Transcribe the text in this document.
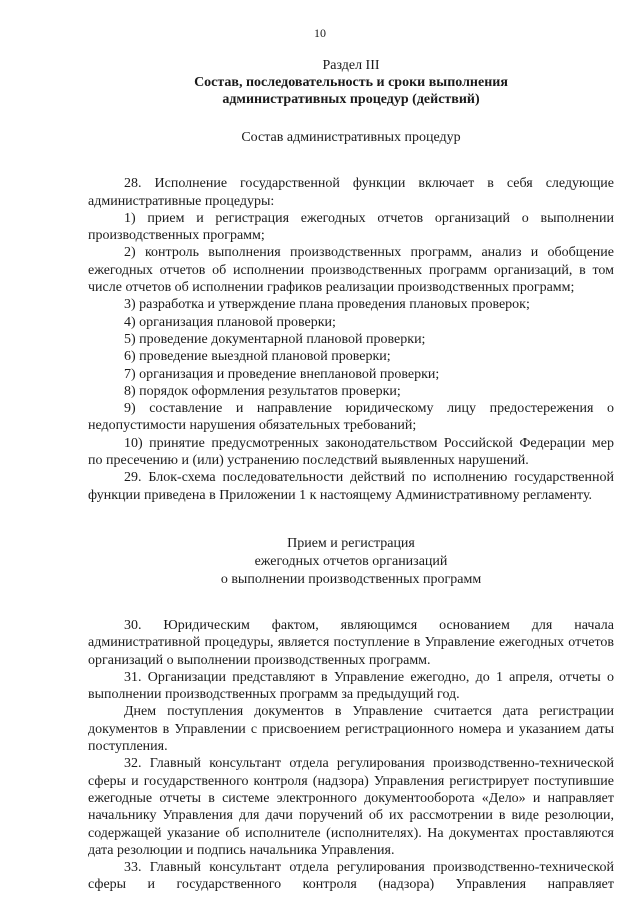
10
Раздел III
Состав, последовательность и сроки выполнения
административных процедур (действий)
Состав административных процедур

28. Исполнение государственной функции включает в себя следующие административные процедуры:

1) прием и регистрация ежегодных отчетов организаций о выполнении производственных программ;

2) контроль выполнения производственных программ, анализ и обобщение ежегодных отчетов об исполнении производственных программ организаций, в том числе отчетов об исполнении графиков реализации производственных программ;

3) разработка и утверждение плана проведения плановых проверок;

4) организация плановой проверки;

5) проведение документарной плановой проверки;

6) проведение выездной плановой проверки;

7) организация и проведение внеплановой проверки;

8) порядок оформления результатов проверки;

9) составление и направление юридическому лицу предостережения о недопустимости нарушения обязательных требований;

10) принятие предусмотренных законодательством Российской Федерации мер по пресечению и (или) устранению последствий выявленных нарушений.

29. Блок-схема последовательности действий по исполнению государственной функции приведена в Приложении 1 к настоящему Административному регламенту.

Прием и регистрация
ежегодных отчетов организаций
о выполнении производственных программ

30. Юридическим фактом, являющимся основанием для начала административной процедуры, является поступление в Управление ежегодных отчетов организаций о выполнении производственных программ.

31. Организации представляют в Управление ежегодно, до 1 апреля, отчеты о выполнении производственных программ за предыдущий год.

Днем поступления документов в Управление считается дата регистрации документов в Управлении с присвоением регистрационного номера и указанием даты поступления.

32. Главный консультант отдела регулирования производственно-технической сферы и государственного контроля (надзора) Управления регистрирует поступившие ежегодные отчеты в системе электронного документооборота «Дело» и направляет начальнику Управления для дачи поручений об их рассмотрении в виде резолюции, содержащей указание об исполнителе (исполнителях). На документах проставляются дата резолюции и подпись начальника Управления.

33. Главный консультант отдела регулирования производственно-технической сферы и государственного контроля (надзора) Управления направляет
